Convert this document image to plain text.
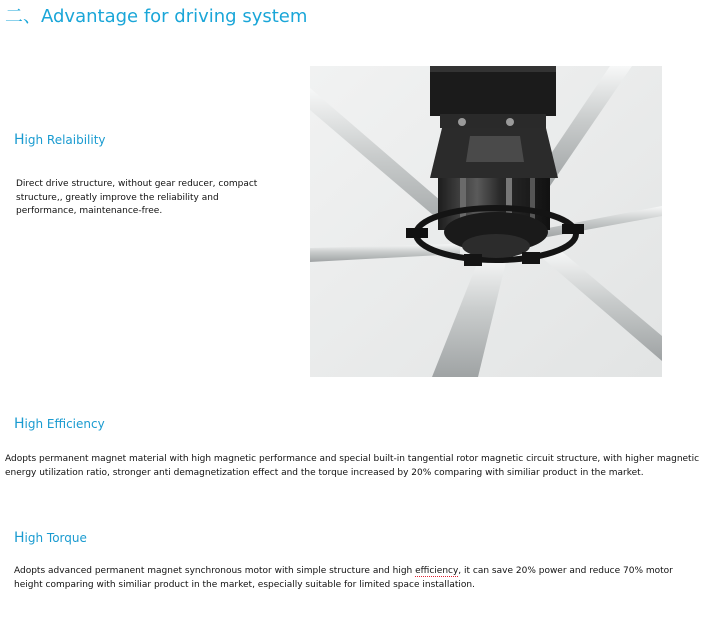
二、Advantage for driving system
High Relaibility

Direct drive structure, without gear reducer, compact structure,, greatly improve the reliability and performance, maintenance-free.

High Efficiency

Adopts permanent magnet material with high magnetic performance and special built-in tangential rotor magnetic circuit structure, with higher magnetic energy utilization ratio, stronger anti demagnetization effect and the torque increased by 20% comparing with similiar product in the market.

High Torque

Adopts advanced permanent magnet synchronous motor with simple structure and high efficiency, it can save 20% power and reduce 70% motor height comparing with similiar product in the market, especially suitable for limited space installation.
